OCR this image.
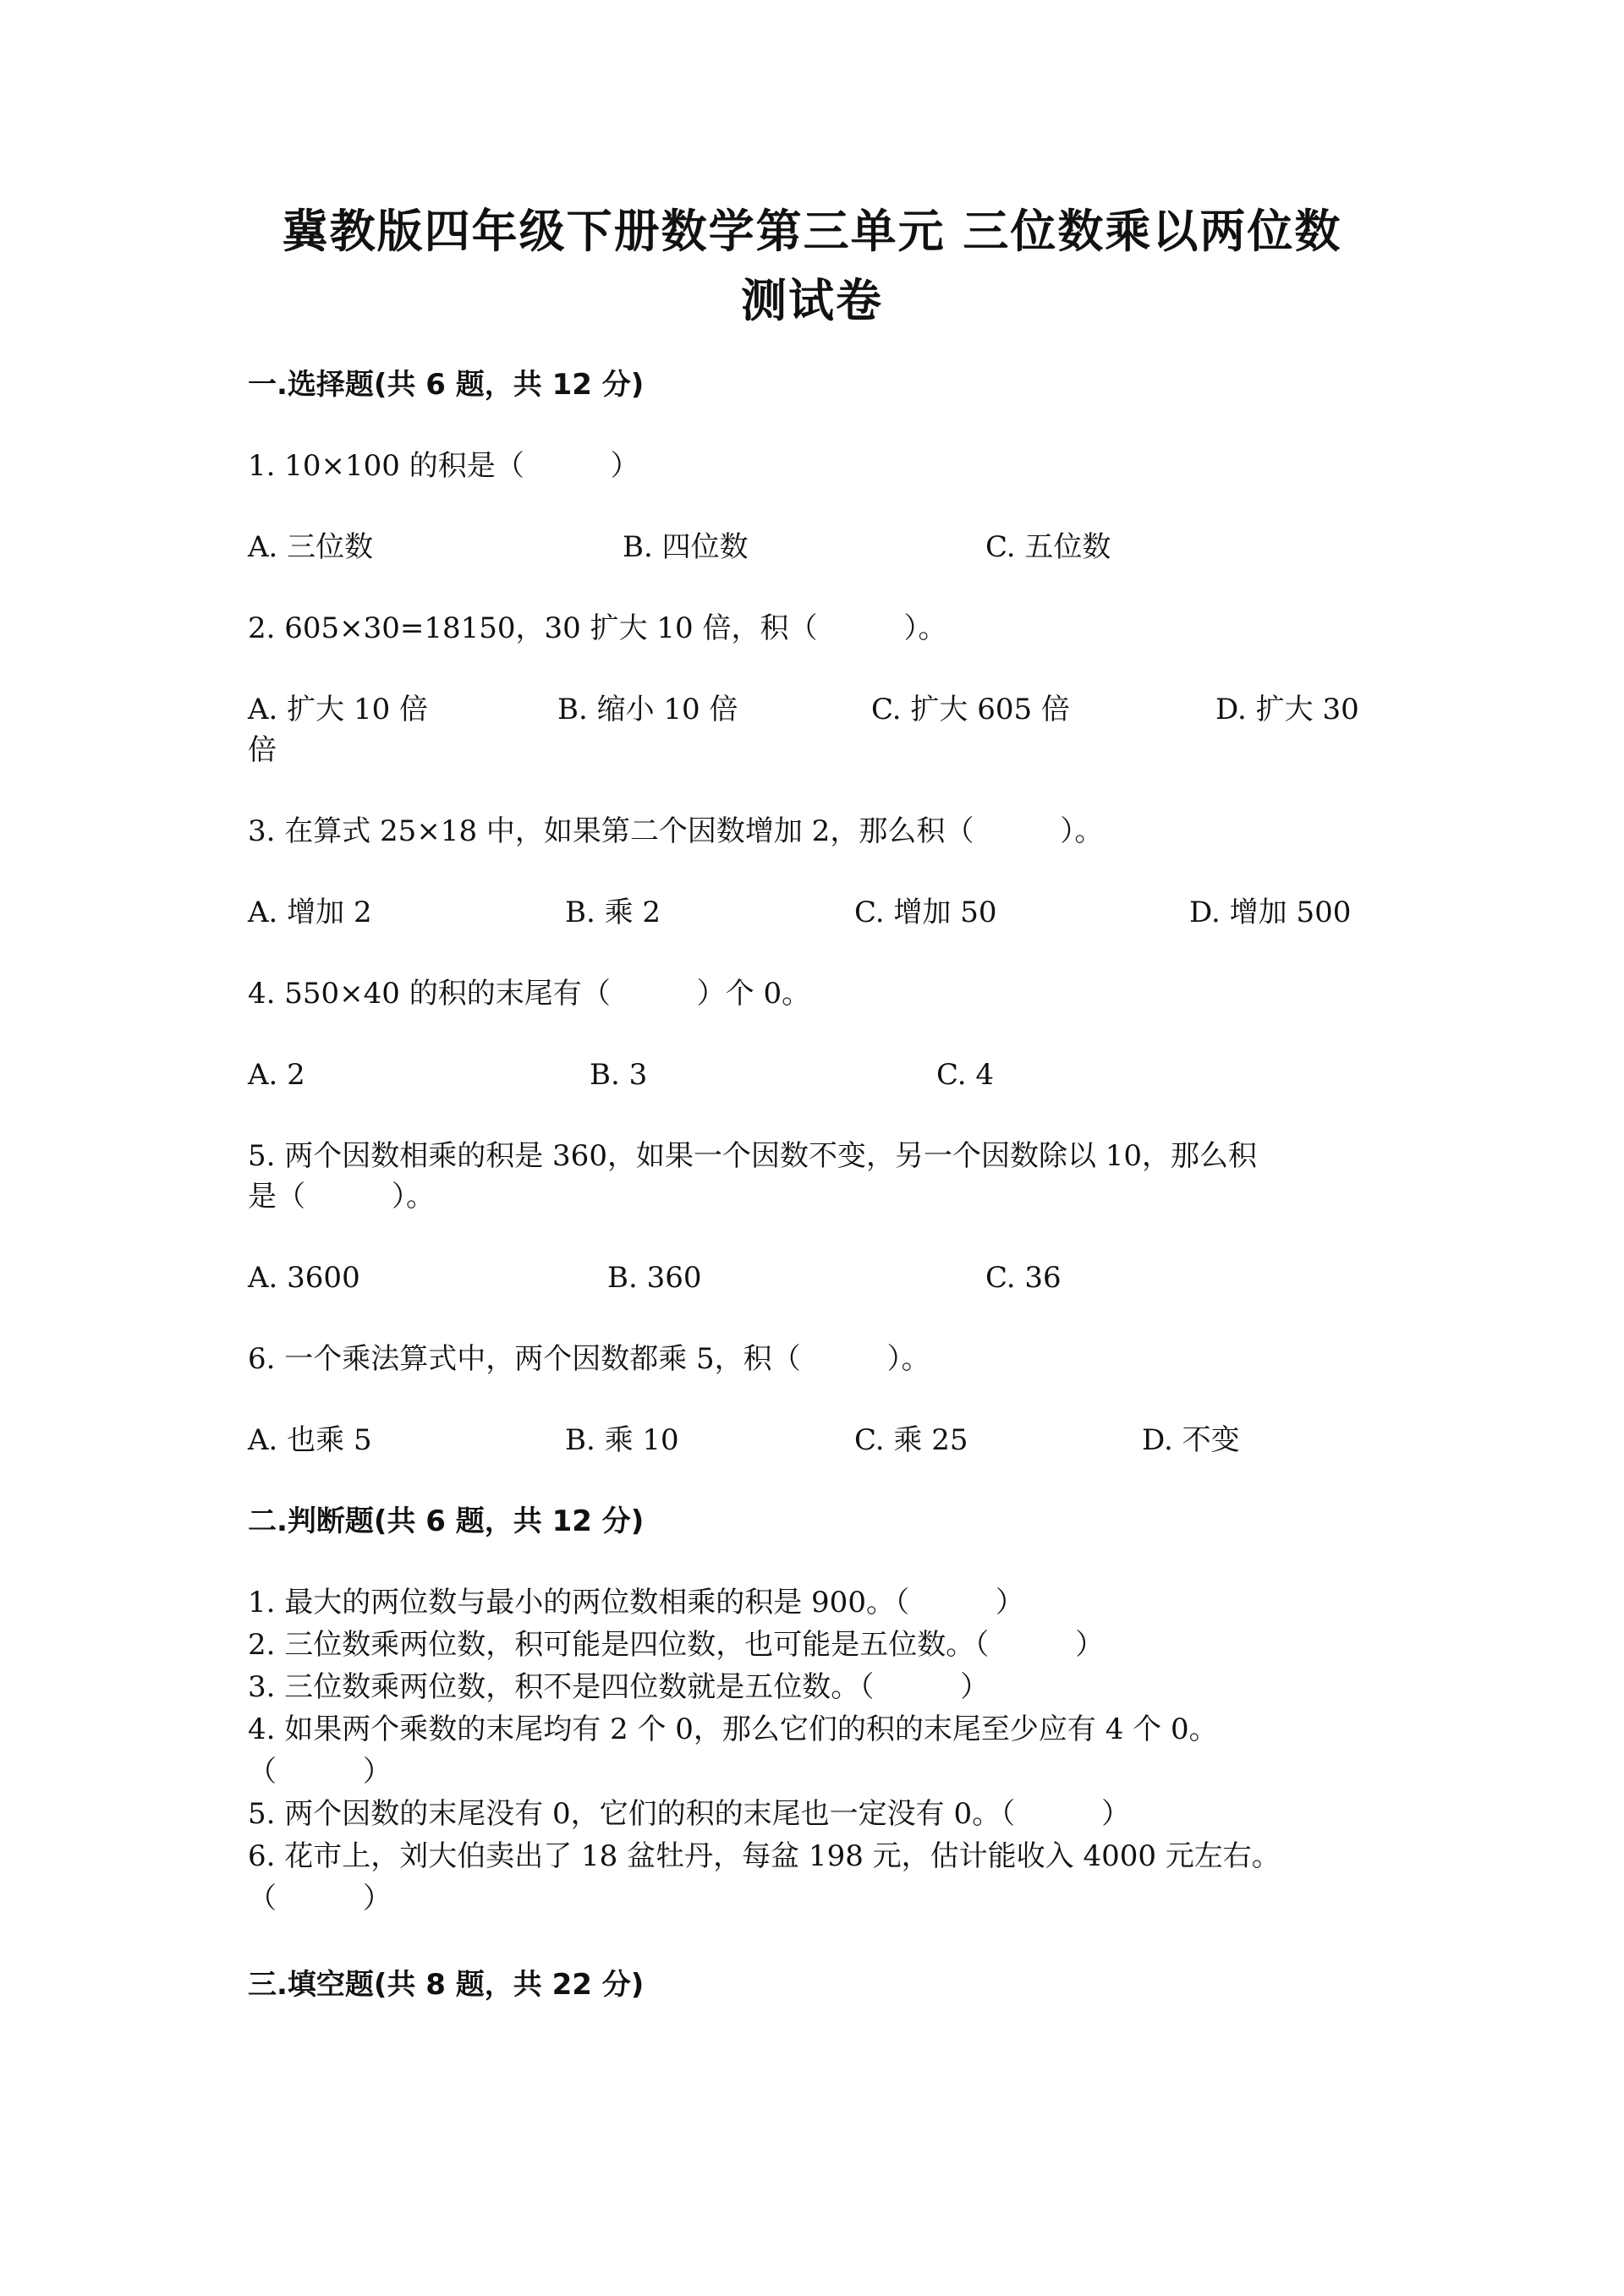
冀教版四年级下册数学第三单元 三位数乘以两位数
测试卷
一.选择题(共 6 题，共 12 分)
1. 10×100 的积是（　　　）
A. 三位数	B. 四位数	C. 五位数
2. 605×30=18150，30 扩大 10 倍，积（　　　）。
A. 扩大 10 倍	B. 缩小 10 倍	C. 扩大 605 倍	D. 扩大 30
倍
3. 在算式 25×18 中，如果第二个因数增加 2，那么积（　　　）。
A. 增加 2	B. 乘 2	C. 增加 50	D. 增加 500
4. 550×40 的积的末尾有（　　　）个 0。
A. 2	B. 3	C. 4
5. 两个因数相乘的积是 360，如果一个因数不变，另一个因数除以 10，那么积
是（　　　）。
A. 3600	B. 360	C. 36
6. 一个乘法算式中，两个因数都乘 5，积（　　　）。
A. 也乘 5	B. 乘 10	C. 乘 25	D. 不变
二.判断题(共 6 题，共 12 分)
1. 最大的两位数与最小的两位数相乘的积是 900。（　　　）
2. 三位数乘两位数，积可能是四位数，也可能是五位数。（　　　）
3. 三位数乘两位数，积不是四位数就是五位数。（　　　）
4. 如果两个乘数的末尾均有 2 个 0，那么它们的积的末尾至少应有 4 个 0。
（　　　）
5. 两个因数的末尾没有 0，它们的积的末尾也一定没有 0。（　　　）
6. 花市上，刘大伯卖出了 18 盆牡丹，每盆 198 元，估计能收入 4000 元左右。
（　　　）
三.填空题(共 8 题，共 22 分)
